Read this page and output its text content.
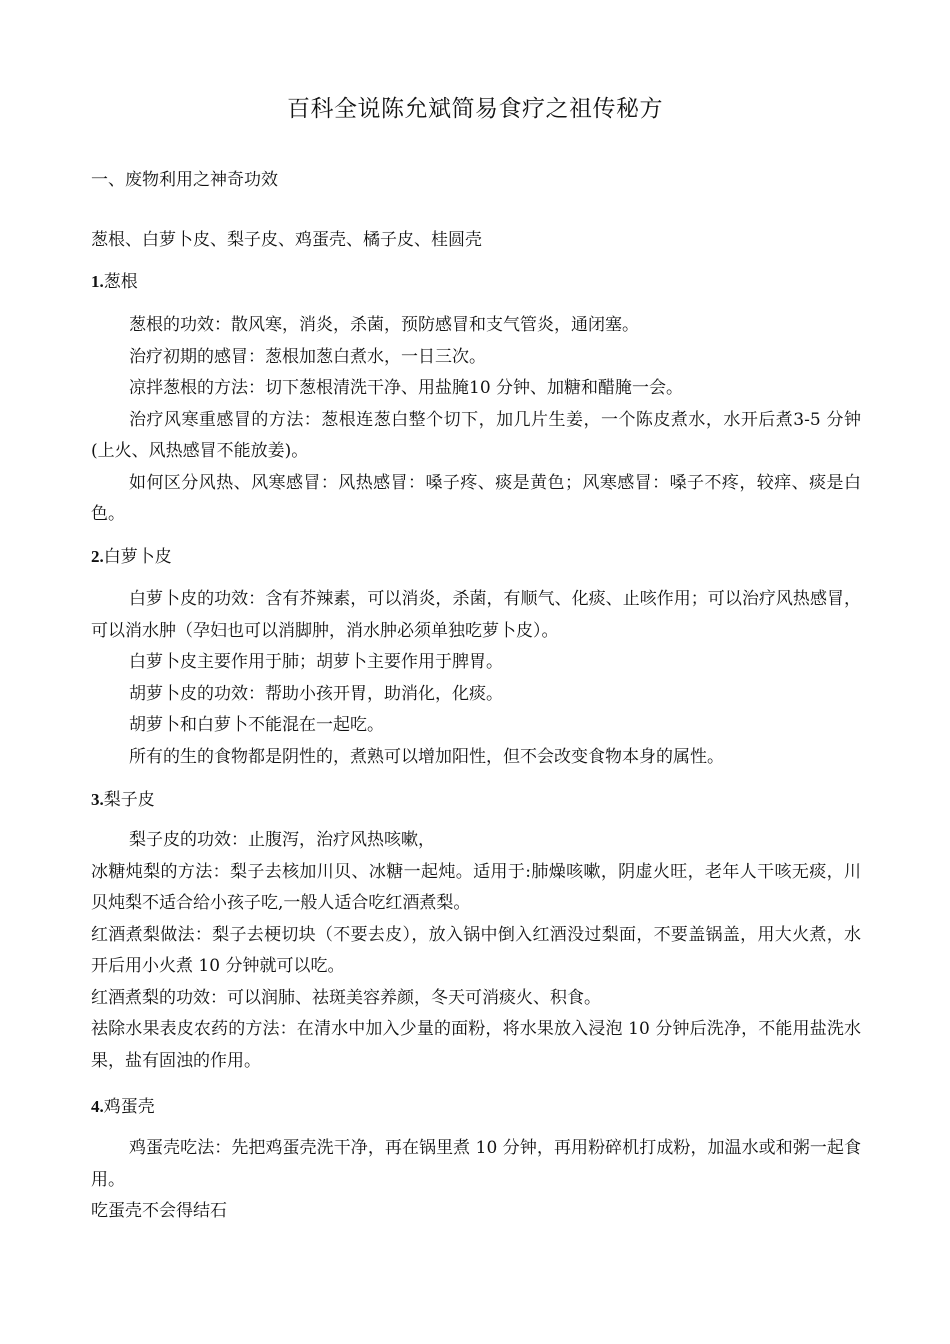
百科全说陈允斌简易食疗之祖传秘方
一、废物利用之神奇功效
葱根、白萝卜皮、梨子皮、鸡蛋壳、橘子皮、桂圆壳
1.葱根

葱根的功效：散风寒，消炎，杀菌，预防感冒和支气管炎，通闭塞。

治疗初期的感冒：葱根加葱白煮水，一日三次。

凉拌葱根的方法：切下葱根清洗干净、用盐腌10 分钟、加糖和醋腌一会。

治疗风寒重感冒的方法：葱根连葱白整个切下，加几片生姜，一个陈皮煮水，水开后煮3-5 分钟(上火、风热感冒不能放姜)。

如何区分风热、风寒感冒：风热感冒：嗓子疼、痰是黄色；风寒感冒：嗓子不疼，较痒、痰是白色。

2.白萝卜皮

白萝卜皮的功效：含有芥辣素，可以消炎，杀菌，有顺气、化痰、止咳作用；可以治疗风热感冒，可以消水肿（孕妇也可以消脚肿，消水肿必须单独吃萝卜皮）。

白萝卜皮主要作用于肺；胡萝卜主要作用于脾胃。

胡萝卜皮的功效：帮助小孩开胃，助消化，化痰。

胡萝卜和白萝卜不能混在一起吃。

所有的生的食物都是阴性的，煮熟可以增加阳性，但不会改变食物本身的属性。

3.梨子皮

梨子皮的功效：止腹泻，治疗风热咳嗽，

冰糖炖梨的方法：梨子去核加川贝、冰糖一起炖。适用于:肺燥咳嗽，阴虚火旺，老年人干咳无痰，川贝炖梨不适合给小孩子吃,一般人适合吃红酒煮梨。

红酒煮梨做法：梨子去梗切块（不要去皮），放入锅中倒入红酒没过梨面，不要盖锅盖，用大火煮，水开后用小火煮 10 分钟就可以吃。

红酒煮梨的功效：可以润肺、祛斑美容养颜，冬天可消痰火、积食。

祛除水果表皮农药的方法：在清水中加入少量的面粉，将水果放入浸泡 10 分钟后洗净，不能用盐洗水果，盐有固浊的作用。

4.鸡蛋壳

鸡蛋壳吃法：先把鸡蛋壳洗干净，再在锅里煮 10 分钟，再用粉碎机打成粉，加温水或和粥一起食用。

吃蛋壳不会得结石
